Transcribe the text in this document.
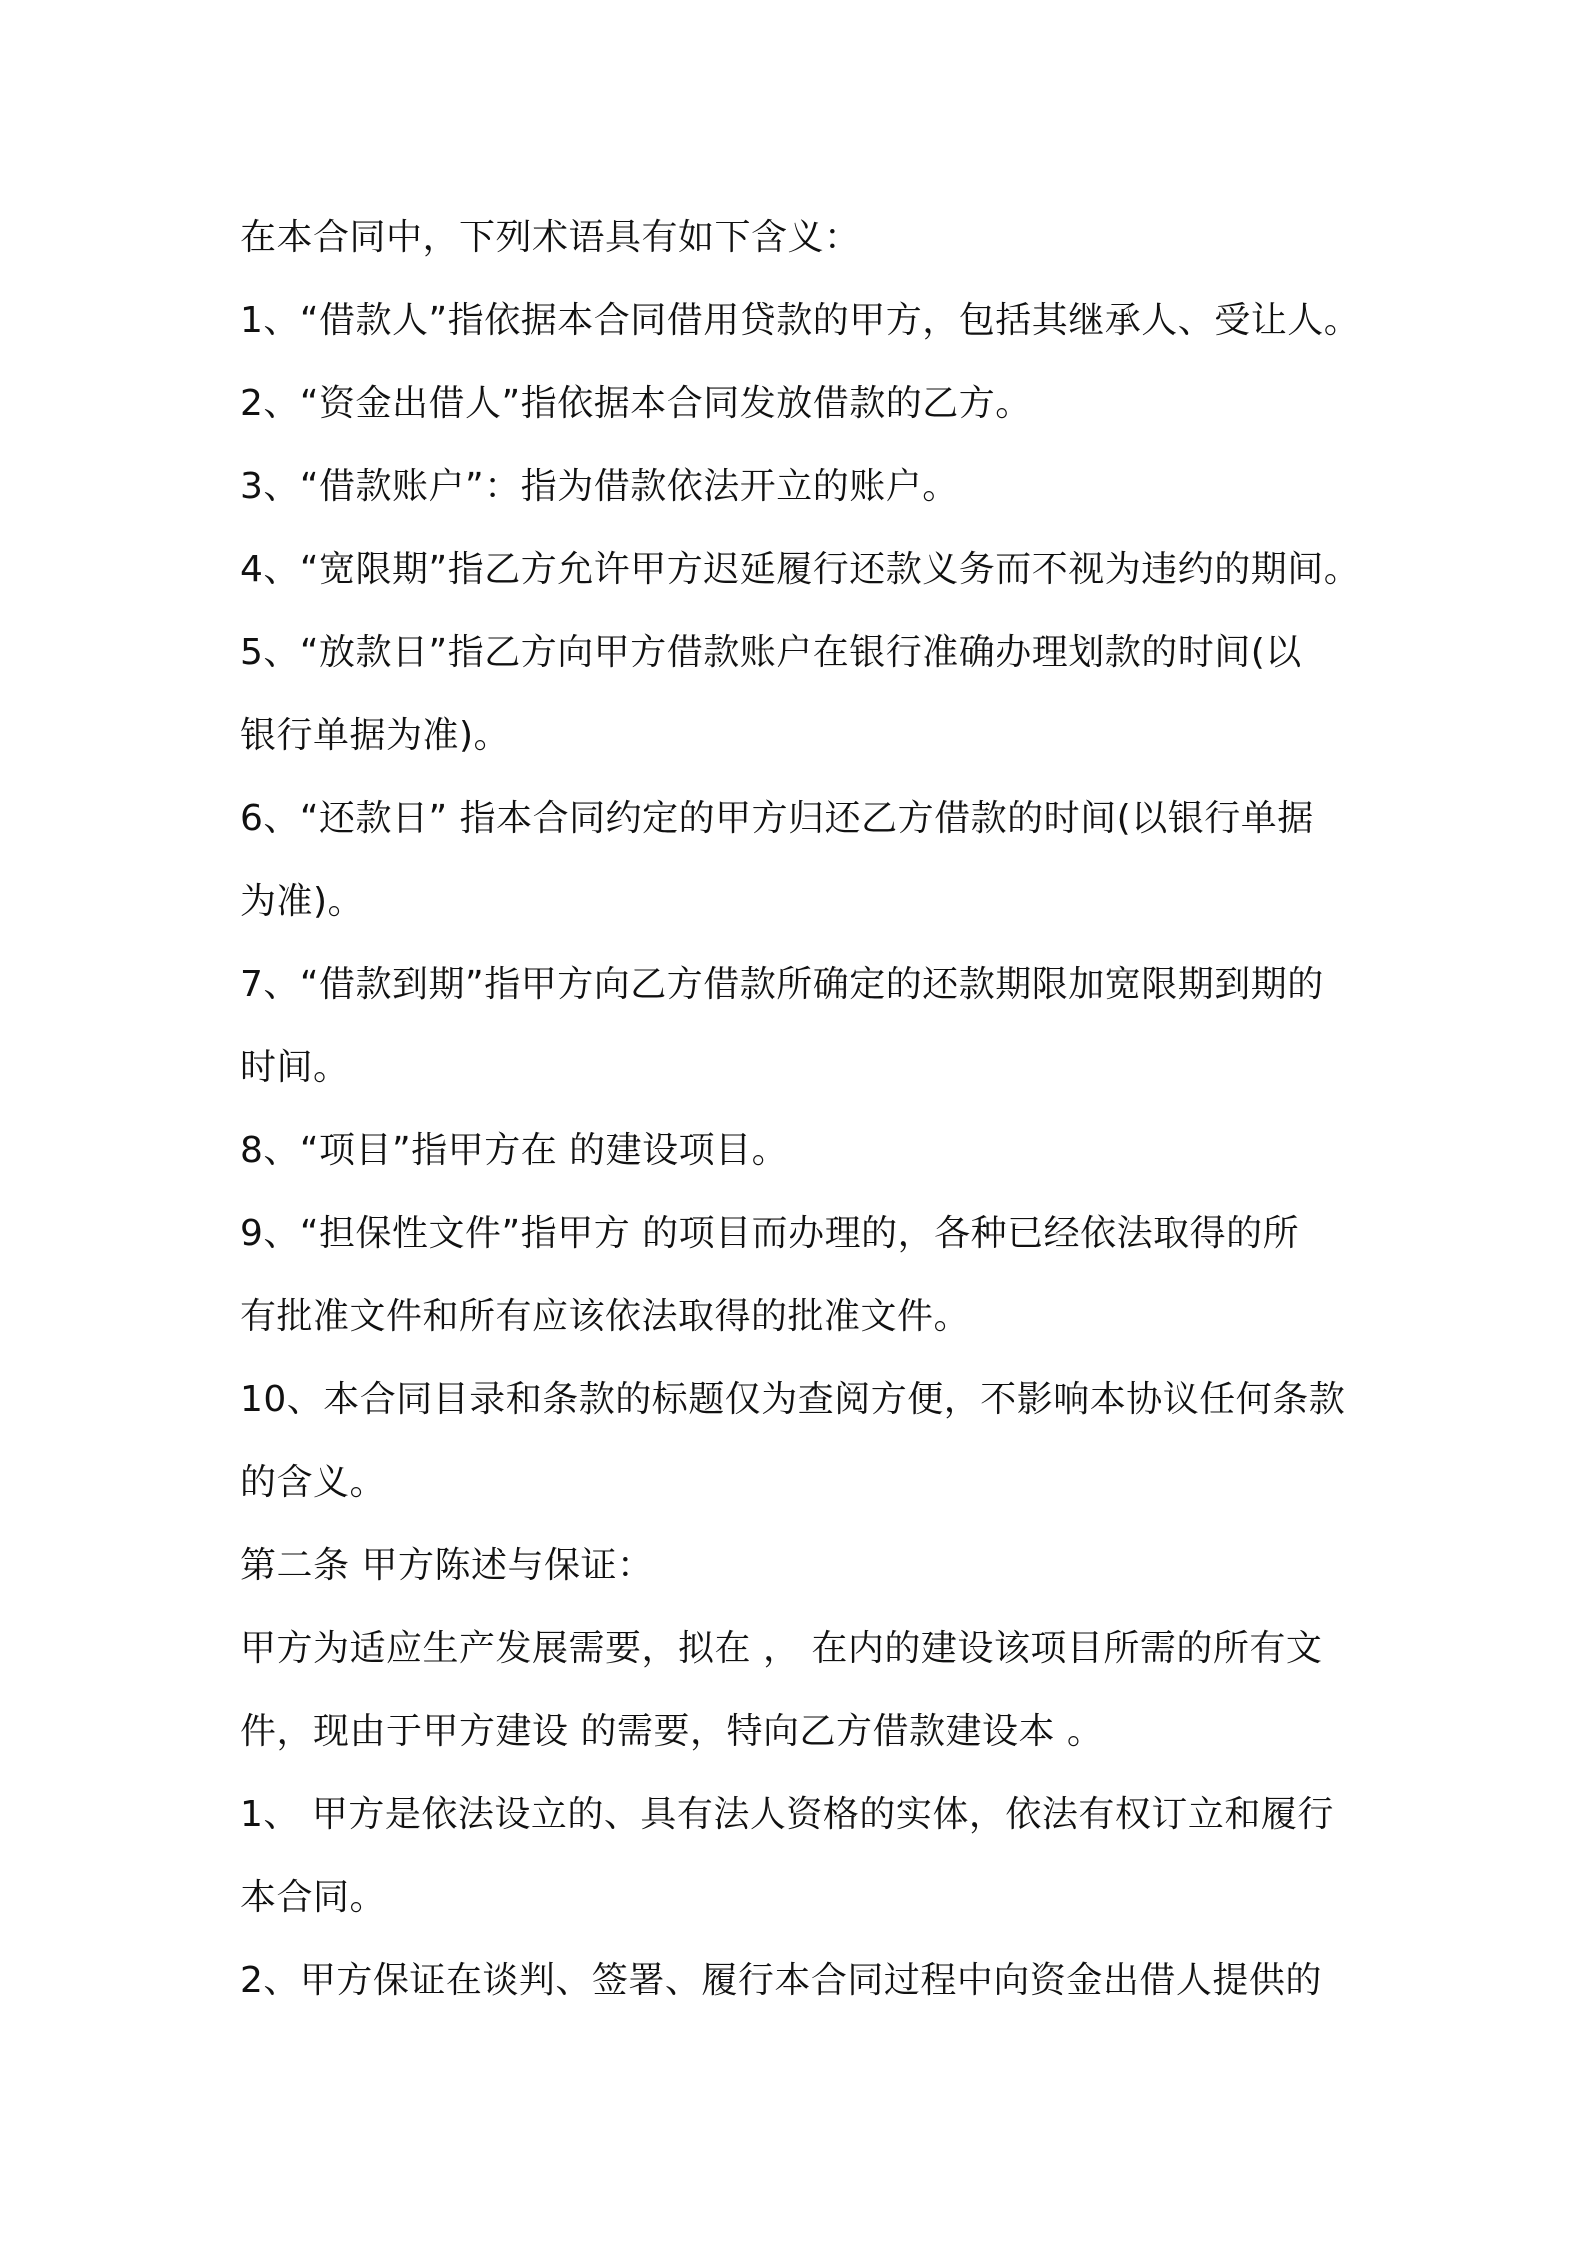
在本合同中，下列术语具有如下含义：
1、“借款人”指依据本合同借用贷款的甲方，包括其继承人、受让人。
2、“资金出借人”指依据本合同发放借款的乙方。
3、“借款账户”：指为借款依法开立的账户。
4、“宽限期”指乙方允许甲方迟延履行还款义务而不视为违约的期间。
5、“放款日”指乙方向甲方借款账户在银行准确办理划款的时间(以
银行单据为准)。
6、“还款日” 指本合同约定的甲方归还乙方借款的时间(以银行单据
为准)。
7、“借款到期”指甲方向乙方借款所确定的还款期限加宽限期到期的
时间。
8、“项目”指甲方在 的建设项目。
9、“担保性文件”指甲方 的项目而办理的，各种已经依法取得的所
有批准文件和所有应该依法取得的批准文件。
10、本合同目录和条款的标题仅为查阅方便，不影响本协议任何条款
的含义。
第二条 甲方陈述与保证：
甲方为适应生产发展需要，拟在 ， 在内的建设该项目所需的所有文
件，现由于甲方建设 的需要，特向乙方借款建设本 。
1、 甲方是依法设立的、具有法人资格的实体，依法有权订立和履行
本合同。
2、甲方保证在谈判、签署、履行本合同过程中向资金出借人提供的
